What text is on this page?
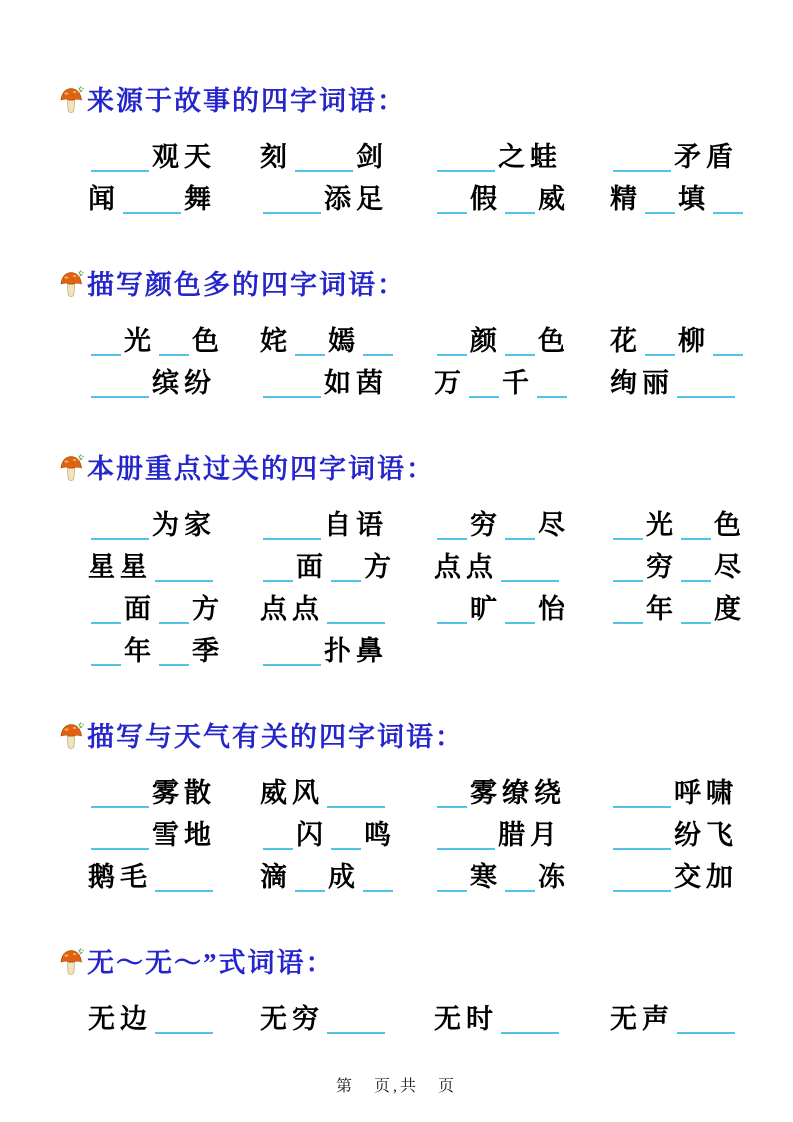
来源于故事的四字词语：
观天	刻 剑	之蛙	矛盾
闻 舞	添足	假 威	精 填
描写颜色多的四字词语：
光 色	姹 嫣	颜 色	花 柳
缤纷	如茵	万 千	绚丽
本册重点过关的四字词语：
为家	自语	穷 尽	光 色
星星	面 方	点点	穷 尽
面 方	点点	旷 怡	年 度
年 季	扑鼻
描写与天气有关的四字词语：
雾散	威风	雾缭绕	呼啸
雪地	闪 鸣	腊月	纷飞
鹅毛	滴 成	寒 冻	交加
无～无～”式词语：
无边	无穷	无时	无声
第　页,共　页
